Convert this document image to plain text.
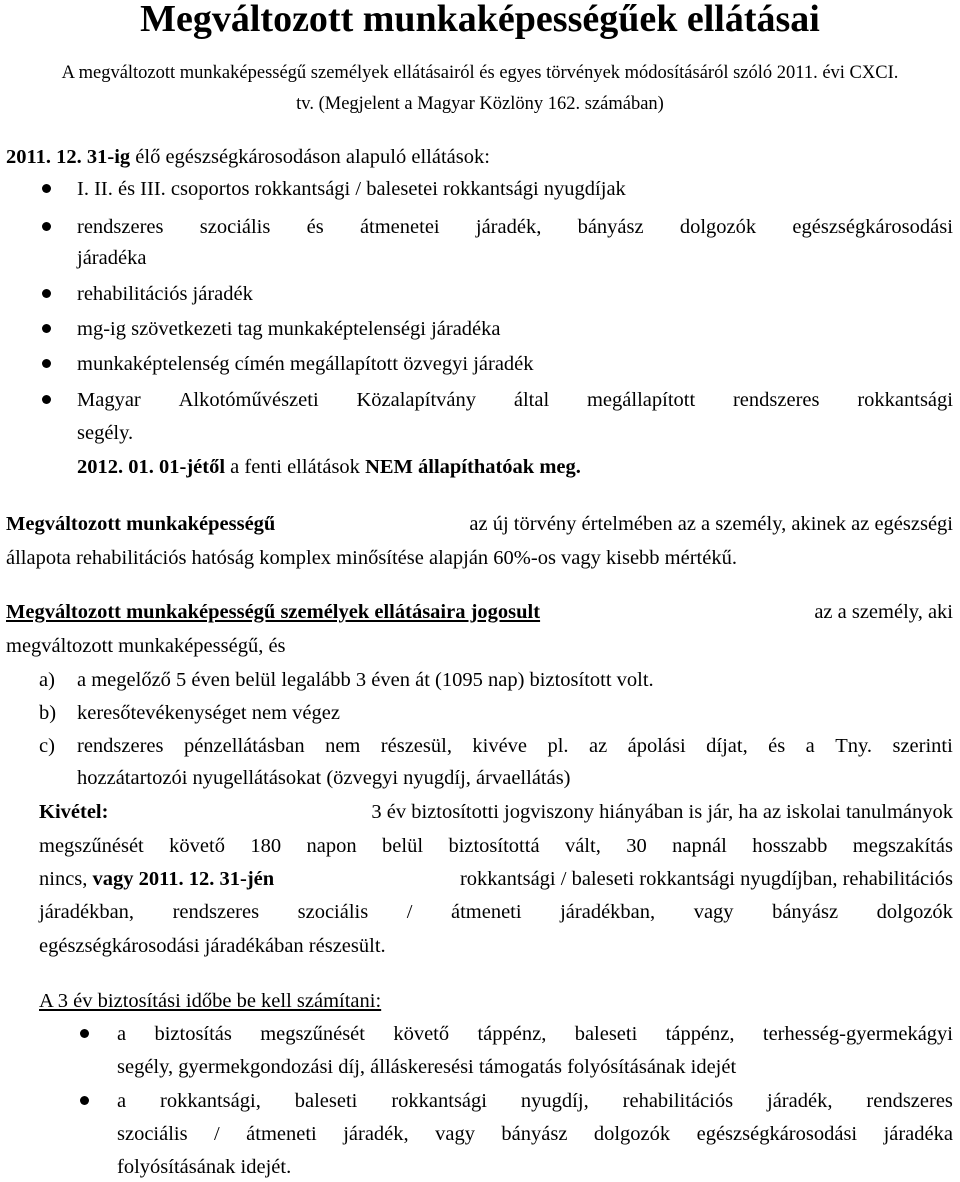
Megváltozott munkaképességűek ellátásai
A megváltozott munkaképességű személyek ellátásairól és egyes törvények módosításáról szóló 2011. évi CXCI.
tv. (Megjelent a Magyar Közlöny 162. számában)
2011. 12. 31-ig élő egészségkárosodáson alapuló ellátások:
I. II. és III. csoportos rokkantsági / balesetei rokkantsági nyugdíjak
rendszeres szociális és átmenetei járadék, bányász dolgozók egészségkárosodási
járadéka
rehabilitációs járadék
mg-ig szövetkezeti tag munkaképtelenségi járadéka
munkaképtelenség címén megállapított özvegyi járadék
Magyar Alkotóművészeti Közalapítvány által megállapított rendszeres rokkantsági
segély.
2012. 01. 01-jétől a fenti ellátások NEM állapíthatóak meg.
Megváltozott munkaképességű	az új törvény értelmében az a személy, akinek az egészségi
állapota rehabilitációs hatóság komplex minősítése alapján 60%-os vagy kisebb mértékű.
Megváltozott munkaképességű személyek ellátásaira jogosult	az a személy, aki
megváltozott munkaképességű, és
a) a megelőző 5 éven belül legalább 3 éven át (1095 nap) biztosított volt.
b) keresőtevékenységet nem végez
c) rendszeres pénzellátásban nem részesül, kivéve pl. az ápolási díjat, és a Tny. szerinti
hozzátartozói nyugellátásokat (özvegyi nyugdíj, árvaellátás)
Kivétel:	3 év biztosítotti jogviszony hiányában is jár, ha az iskolai tanulmányok
megszűnését követő 180 napon belül biztosítottá vált, 30 napnál hosszabb megszakítás
nincs, vagy 2011. 12. 31-jén	rokkantsági / baleseti rokkantsági nyugdíjban, rehabilitációs
járadékban, rendszeres szociális / átmeneti járadékban, vagy bányász dolgozók
egészségkárosodási járadékában részesült.
A 3 év biztosítási időbe be kell számítani:
a biztosítás megszűnését követő táppénz, baleseti táppénz, terhesség-gyermekágyi
segély, gyermekgondozási díj, álláskeresési támogatás folyósításának idejét
a rokkantsági, baleseti rokkantsági nyugdíj, rehabilitációs járadék, rendszeres
szociális / átmeneti járadék, vagy bányász dolgozók egészségkárosodási járadéka
folyósításának idejét.
